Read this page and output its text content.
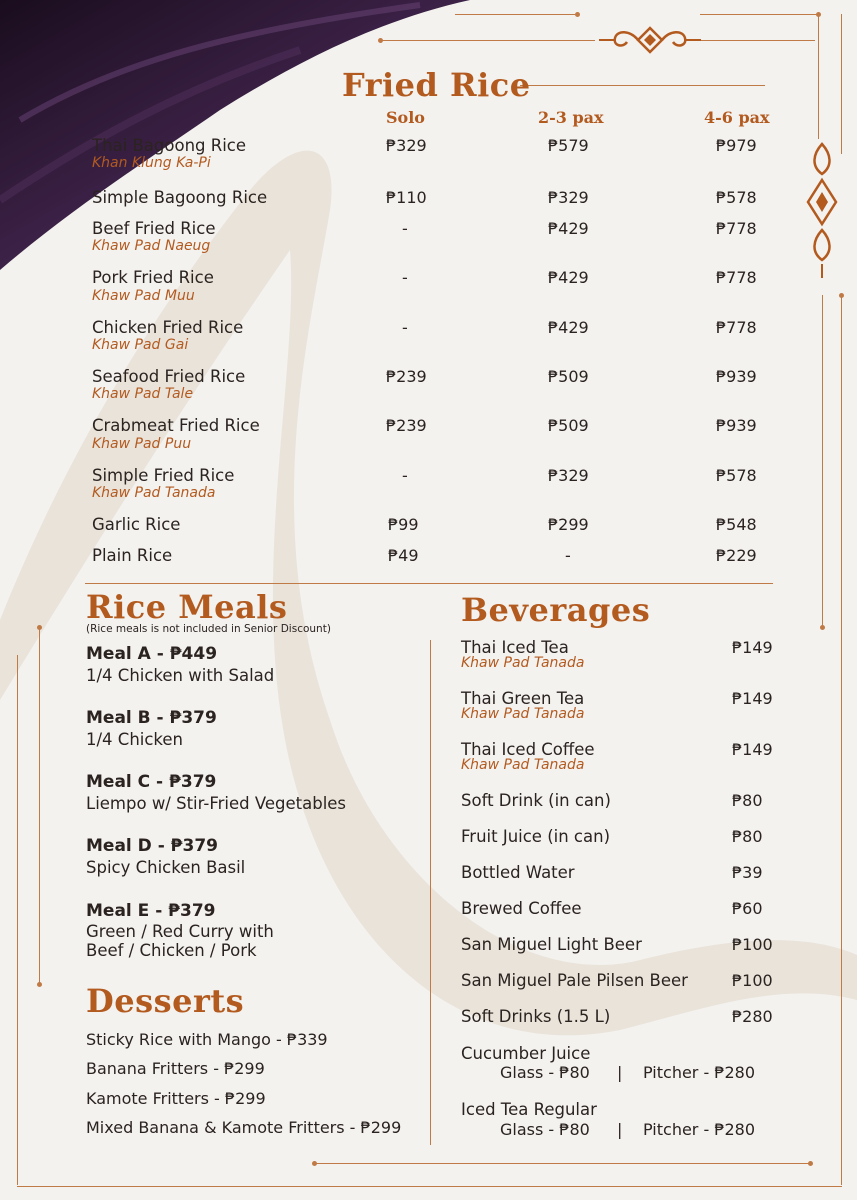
Fried Rice
Solo	2-3 pax	4-6 pax
Thai Bagoong Rice
Khan Klung Ka-Pi
₱329	₱579	₱979
Simple Bagoong Rice	₱110	₱329	₱578
Beef Fried Rice
Khaw Pad Naeug
-	₱429	₱778
Pork Fried Rice
Khaw Pad Muu
-	₱429	₱778
Chicken Fried Rice
Khaw Pad Gai
-	₱429	₱778
Seafood Fried Rice
Khaw Pad Tale
₱239	₱509	₱939
Crabmeat Fried Rice
Khaw Pad Puu
₱239	₱509	₱939
Simple Fried Rice
Khaw Pad Tanada
-	₱329	₱578
Garlic Rice	₱99	₱299	₱548
Plain Rice	₱49	-	₱229
Rice Meals
(Rice meals is not included in Senior Discount)
Meal A - ₱449
1/4 Chicken with Salad
Meal B - ₱379
1/4 Chicken
Meal C - ₱379
Liempo w/ Stir-Fried Vegetables
Meal D - ₱379
Spicy Chicken Basil
Meal E - ₱379
Green / Red Curry with
Beef / Chicken / Pork
Desserts
Sticky Rice with Mango - ₱339
Banana Fritters - ₱299
Kamote Fritters - ₱299
Mixed Banana & Kamote Fritters - ₱299
Beverages
Thai Iced Tea
Khaw Pad Tanada
₱149
Thai Green Tea
Khaw Pad Tanada
₱149
Thai Iced Coffee
Khaw Pad Tanada
₱149
Soft Drink (in can)	₱80
Fruit Juice (in can)	₱80
Bottled Water	₱39
Brewed Coffee	₱60
San Miguel Light Beer	₱100
San Miguel Pale Pilsen Beer	₱100
Soft Drinks (1.5 L)	₱280
Cucumber Juice
Glass - ₱80 | Pitcher - ₱280
Iced Tea Regular
Glass - ₱80 | Pitcher - ₱280
